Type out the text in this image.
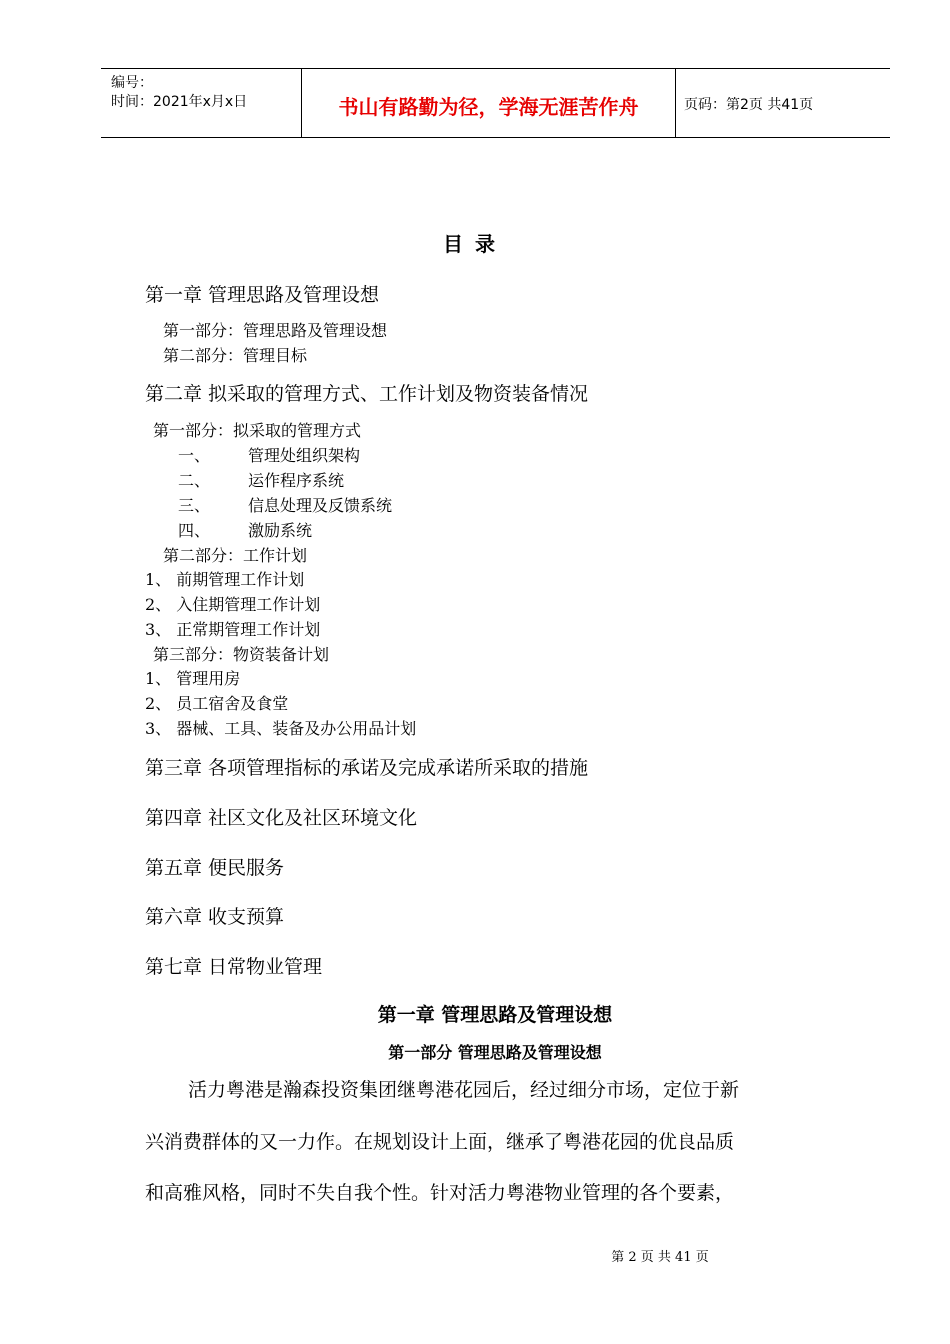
编号：
时间：2021年x月x日	书山有路勤为径，学海无涯苦作舟	页码：第2页 共41页
目录
第一章 管理思路及管理设想
第一部分：管理思路及管理设想
第二部分：管理目标
第二章 拟采取的管理方式、工作计划及物资装备情况
第一部分：拟采取的管理方式
一、 管理处组织架构
二、 运作程序系统
三、 信息处理及反馈系统
四、 激励系统
第二部分：工作计划
1、 前期管理工作计划
2、 入住期管理工作计划
3、 正常期管理工作计划
第三部分：物资装备计划
1、 管理用房
2、 员工宿舍及食堂
3、 器械、工具、装备及办公用品计划
第三章 各项管理指标的承诺及完成承诺所采取的措施
第四章 社区文化及社区环境文化
第五章 便民服务
第六章 收支预算
第七章 日常物业管理
第一章 管理思路及管理设想
第一部分 管理思路及管理设想
活力粤港是瀚森投资集团继粤港花园后，经过细分市场，定位于新
兴消费群体的又一力作。在规划设计上面，继承了粤港花园的优良品质
和高雅风格，同时不失自我个性。针对活力粤港物业管理的各个要素，
第 2 页 共 41 页
